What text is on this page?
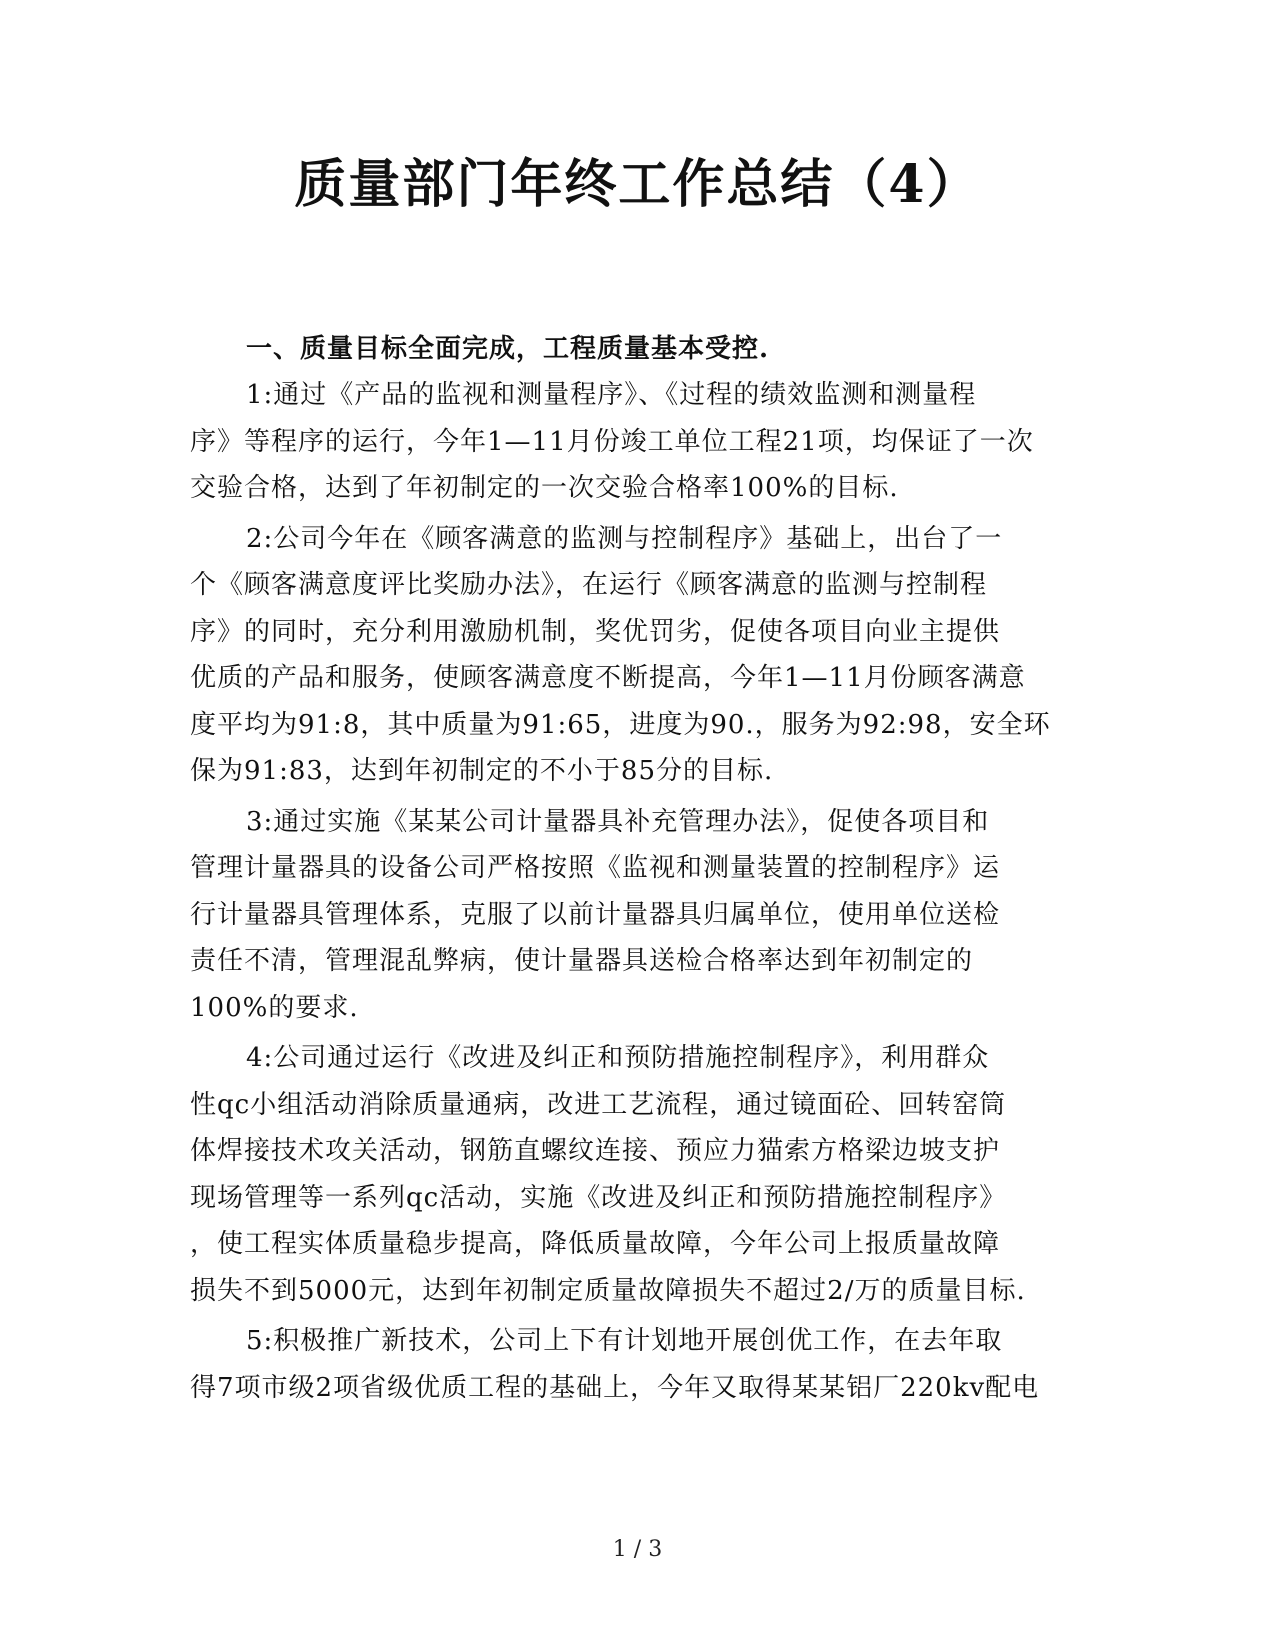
质量部门年终工作总结（4）
一、质量目标全面完成，工程质量基本受控.
1:通过《产品的监视和测量程序》、《过程的绩效监测和测量程
序》等程序的运行，今年1—11月份竣工单位工程21项，均保证了一次
交验合格，达到了年初制定的一次交验合格率100%的目标.
2:公司今年在《顾客满意的监测与控制程序》基础上，出台了一
个《顾客满意度评比奖励办法》，在运行《顾客满意的监测与控制程
序》的同时，充分利用激励机制，奖优罚劣，促使各项目向业主提供
优质的产品和服务，使顾客满意度不断提高，今年1—11月份顾客满意
度平均为91:8，其中质量为91:65，进度为90.，服务为92:98，安全环
保为91:83，达到年初制定的不小于85分的目标.
3:通过实施《某某公司计量器具补充管理办法》，促使各项目和
管理计量器具的设备公司严格按照《监视和测量装置的控制程序》运
行计量器具管理体系，克服了以前计量器具归属单位，使用单位送检
责任不清，管理混乱弊病，使计量器具送检合格率达到年初制定的
100%的要求.
4:公司通过运行《改进及纠正和预防措施控制程序》，利用群众
性qc小组活动消除质量通病，改进工艺流程，通过镜面砼、回转窑筒
体焊接技术攻关活动，钢筋直螺纹连接、预应力猫索方格梁边坡支护
现场管理等一系列qc活动，实施《改进及纠正和预防措施控制程序》
，使工程实体质量稳步提高，降低质量故障，今年公司上报质量故障
损失不到5000元，达到年初制定质量故障损失不超过2/万的质量目标.
5:积极推广新技术，公司上下有计划地开展创优工作，在去年取
得7项市级2项省级优质工程的基础上，今年又取得某某铝厂220kv配电
1 / 3
